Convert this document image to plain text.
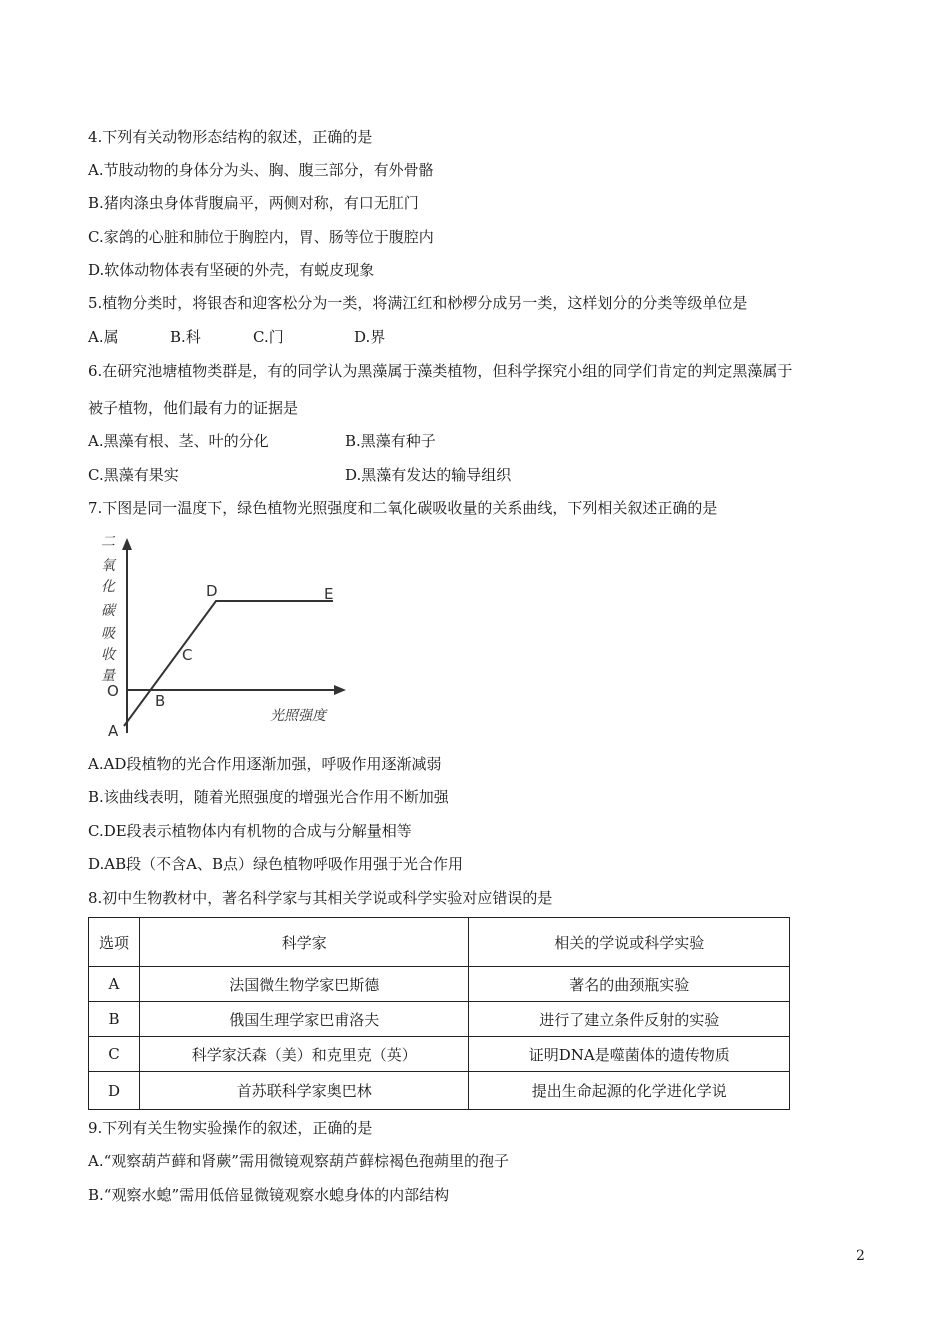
4.下列有关动物形态结构的叙述，正确的是
A.节肢动物的身体分为头、胸、腹三部分，有外骨骼
B.猪肉涤虫身体背腹扁平，两侧对称，有口无肛门
C.家鸽的心脏和肺位于胸腔内，胃、肠等位于腹腔内
D.软体动物体表有坚硬的外壳，有蜕皮现象
5.植物分类时，将银杏和迎客松分为一类，将满江红和桫椤分成另一类，这样划分的分类等级单位是
A.属	B.科	C.门	D.界
6.在研究池塘植物类群是，有的同学认为黑藻属于藻类植物，但科学探究小组的同学们肯定的判定黑藻属于
被子植物，他们最有力的证据是
A.黑藻有根、茎、叶的分化	B.黑藻有种子
C.黑藻有果实	D.黑藻有发达的输导组织
7.下图是同一温度下，绿色植物光照强度和二氧化碳吸收量的关系曲线，下列相关叙述正确的是
二
氧
化
碳
吸
收
量
O
A
B
C
D	E
光照强度
A.AD段植物的光合作用逐渐加强，呼吸作用逐渐减弱
B.该曲线表明，随着光照强度的增强光合作用不断加强
C.DE段表示植物体内有机物的合成与分解量相等
D.AB段（不含A、B点）绿色植物呼吸作用强于光合作用
8.初中生物教材中，著名科学家与其相关学说或科学实验对应错误的是
选项	科学家	相关的学说或科学实验
A	法国微生物学家巴斯德	著名的曲颈瓶实验
B	俄国生理学家巴甫洛夫	进行了建立条件反射的实验
C	科学家沃森（美）和克里克（英）	证明DNA是噬菌体的遗传物质
D	首苏联科学家奥巴林	提出生命起源的化学进化学说
9.下列有关生物实验操作的叙述，正确的是
A.“观察葫芦藓和肾蕨”需用微镜观察葫芦藓棕褐色孢蒴里的孢子
B.“观察水螅”需用低倍显微镜观察水螅身体的内部结构
2
